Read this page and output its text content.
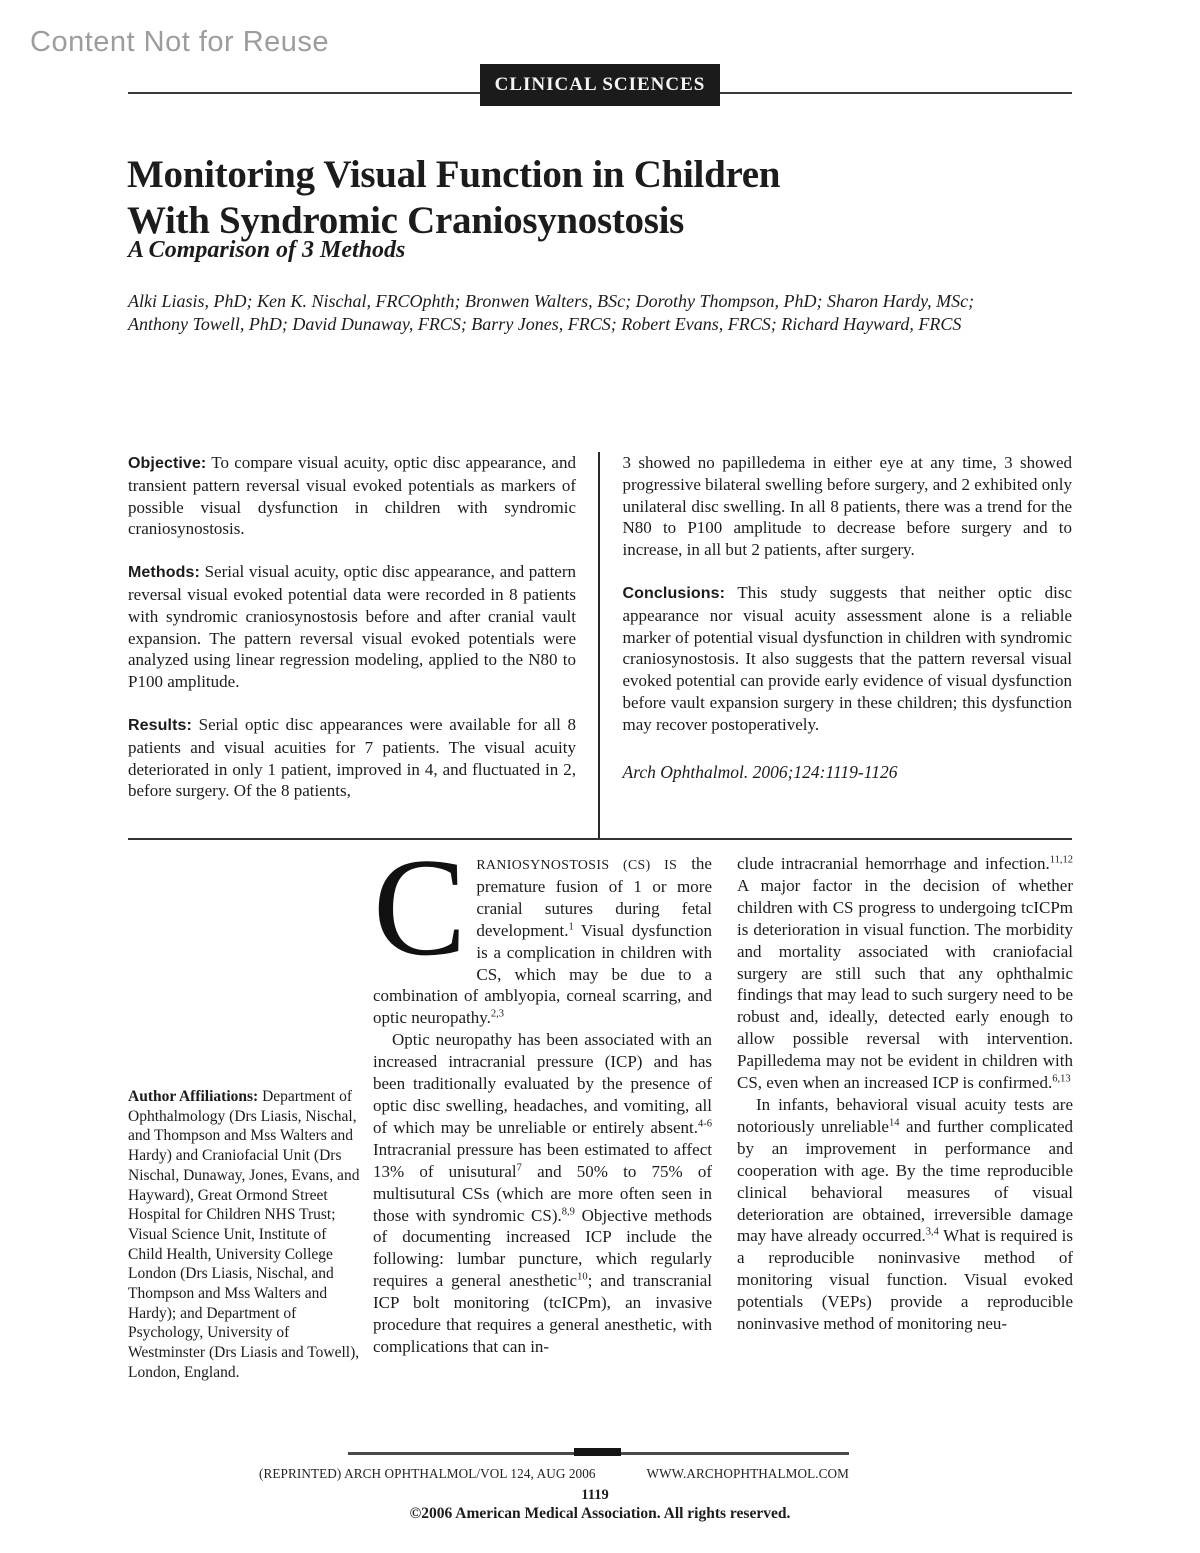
Content Not for Reuse
CLINICAL SCIENCES
Monitoring Visual Function in Children
With Syndromic Craniosynostosis
A Comparison of 3 Methods
Alki Liasis, PhD; Ken K. Nischal, FRCOphth; Bronwen Walters, BSc; Dorothy Thompson, PhD; Sharon Hardy, MSc;
Anthony Towell, PhD; David Dunaway, FRCS; Barry Jones, FRCS; Robert Evans, FRCS; Richard Hayward, FRCS

Objective: To compare visual acuity, optic disc appearance, and transient pattern reversal visual evoked potentials as markers of possible visual dysfunction in children with syndromic craniosynostosis.

Methods: Serial visual acuity, optic disc appearance, and pattern reversal visual evoked potential data were recorded in 8 patients with syndromic craniosynostosis before and after cranial vault expansion. The pattern reversal visual evoked potentials were analyzed using linear regression modeling, applied to the N80 to P100 amplitude.

Results: Serial optic disc appearances were available for all 8 patients and visual acuities for 7 patients. The visual acuity deteriorated in only 1 patient, improved in 4, and fluctuated in 2, before surgery. Of the 8 patients,

3 showed no papilledema in either eye at any time, 3 showed progressive bilateral swelling before surgery, and 2 exhibited only unilateral disc swelling. In all 8 patients, there was a trend for the N80 to P100 amplitude to decrease before surgery and to increase, in all but 2 patients, after surgery.

Conclusions: This study suggests that neither optic disc appearance nor visual acuity assessment alone is a reliable marker of potential visual dysfunction in children with syndromic craniosynostosis. It also suggests that the pattern reversal visual evoked potential can provide early evidence of visual dysfunction before vault expansion surgery in these children; this dysfunction may recover postoperatively.

Arch Ophthalmol. 2006;124:1119-1126

Author Affiliations: Department of Ophthalmology (Drs Liasis, Nischal, and Thompson and Mss Walters and Hardy) and Craniofacial Unit (Drs Nischal, Dunaway, Jones, Evans, and Hayward), Great Ormond Street Hospital for Children NHS Trust; Visual Science Unit, Institute of Child Health, University College London (Drs Liasis, Nischal, and Thompson and Mss Walters and Hardy); and Department of Psychology, University of Westminster (Drs Liasis and Towell), London, England.

C RANIOSYNOSTOSIS (CS) IS the premature fusion of 1 or more cranial sutures during fetal development.$^1$ Visual dysfunction is a complication in children with CS, which may be due to a combination of amblyopia, corneal scarring, and optic neuropathy.$^{2,3}$

Optic neuropathy has been associated with an increased intracranial pressure (ICP) and has been traditionally evaluated by the presence of optic disc swelling, headaches, and vomiting, all of which may be unreliable or entirely absent.$^{4-6}$ Intracranial pressure has been estimated to affect 13% of unisutural$^7$ and 50% to 75% of multisutural CSs (which are more often seen in those with syndromic CS).$^{8,9}$ Objective methods of documenting increased ICP include the following: lumbar puncture, which regularly requires a general anesthetic$^{10}$; and transcranial ICP bolt monitoring (tcICPm), an invasive procedure that requires a general anesthetic, with complications that can in-

clude intracranial hemorrhage and infection.$^{11,12}$ A major factor in the decision of whether children with CS progress to undergoing tcICPm is deterioration in visual function. The morbidity and mortality associated with craniofacial surgery are still such that any ophthalmic findings that may lead to such surgery need to be robust and, ideally, detected early enough to allow possible reversal with intervention. Papilledema may not be evident in children with CS, even when an increased ICP is confirmed.$^{6,13}$

In infants, behavioral visual acuity tests are notoriously unreliable$^{14}$ and further complicated by an improvement in performance and cooperation with age. By the time reproducible clinical behavioral measures of visual deterioration are obtained, irreversible damage may have already occurred.$^{3,4}$ What is required is a reproducible noninvasive method of monitoring visual function. Visual evoked potentials (VEPs) provide a reproducible noninvasive method of monitoring neu-

(REPRINTED) ARCH OPHTHALMOL/VOL 124, AUG 2006	WWW.ARCHOPHTHALMOL.COM
1119
©2006 American Medical Association. All rights reserved.
